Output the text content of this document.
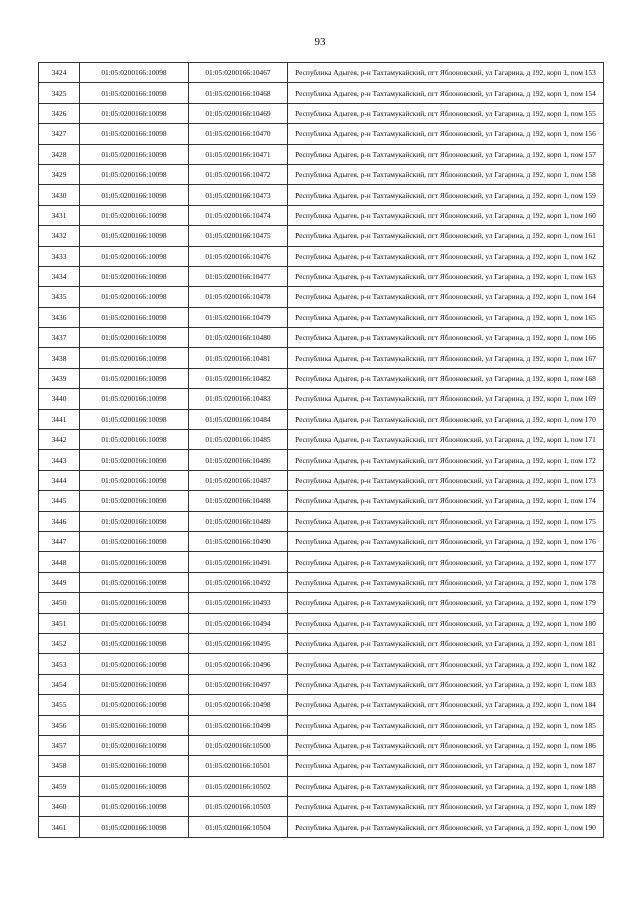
93
3424	01:05:0200166:10098	01:05:0200166:10467	Республика Адыгея, р-н Тахтамукайский, пгт Яблоновский, ул Гагарина, д 192, корп 1, пом 153

3425	01:05:0200166:10098	01:05:0200166:10468	Республика Адыгея, р-н Тахтамукайский, пгт Яблоновский, ул Гагарина, д 192, корп 1, пом 154

3426	01:05:0200166:10098	01:05:0200166:10469	Республика Адыгея, р-н Тахтамукайский, пгт Яблоновский, ул Гагарина, д 192, корп 1, пом 155

3427	01:05:0200166:10098	01:05:0200166:10470	Республика Адыгея, р-н Тахтамукайский, пгт Яблоновский, ул Гагарина, д 192, корп 1, пом 156

3428	01:05:0200166:10098	01:05:0200166:10471	Республика Адыгея, р-н Тахтамукайский, пгт Яблоновский, ул Гагарина, д 192, корп 1, пом 157

3429	01:05:0200166:10098	01:05:0200166:10472	Республика Адыгея, р-н Тахтамукайский, пгт Яблоновский, ул Гагарина, д 192, корп 1, пом 158

3430	01:05:0200166:10098	01:05:0200166:10473	Республика Адыгея, р-н Тахтамукайский, пгт Яблоновский, ул Гагарина, д 192, корп 1, пом 159

3431	01:05:0200166:10098	01:05:0200166:10474	Республика Адыгея, р-н Тахтамукайский, пгт Яблоновский, ул Гагарина, д 192, корп 1, пом 160

3432	01:05:0200166:10098	01:05:0200166:10475	Республика Адыгея, р-н Тахтамукайский, пгт Яблоновский, ул Гагарина, д 192, корп 1, пом 161

3433	01:05:0200166:10098	01:05:0200166:10476	Республика Адыгея, р-н Тахтамукайский, пгт Яблоновский, ул Гагарина, д 192, корп 1, пом 162

3434	01:05:0200166:10098	01:05:0200166:10477	Республика Адыгея, р-н Тахтамукайский, пгт Яблоновский, ул Гагарина, д 192, корп 1, пом 163

3435	01:05:0200166:10098	01:05:0200166:10478	Республика Адыгея, р-н Тахтамукайский, пгт Яблоновский, ул Гагарина, д 192, корп 1, пом 164

3436	01:05:0200166:10098	01:05:0200166:10479	Республика Адыгея, р-н Тахтамукайский, пгт Яблоновский, ул Гагарина, д 192, корп 1, пом 165

3437	01:05:0200166:10098	01:05:0200166:10480	Республика Адыгея, р-н Тахтамукайский, пгт Яблоновский, ул Гагарина, д 192, корп 1, пом 166

3438	01:05:0200166:10098	01:05:0200166:10481	Республика Адыгея, р-н Тахтамукайский, пгт Яблоновский, ул Гагарина, д 192, корп 1, пом 167

3439	01:05:0200166:10098	01:05:0200166:10482	Республика Адыгея, р-н Тахтамукайский, пгт Яблоновский, ул Гагарина, д 192, корп 1, пом 168

3440	01:05:0200166:10098	01:05:0200166:10483	Республика Адыгея, р-н Тахтамукайский, пгт Яблоновский, ул Гагарина, д 192, корп 1, пом 169

3441	01:05:0200166:10098	01:05:0200166:10484	Республика Адыгея, р-н Тахтамукайский, пгт Яблоновский, ул Гагарина, д 192, корп 1, пом 170

3442	01:05:0200166:10098	01:05:0200166:10485	Республика Адыгея, р-н Тахтамукайский, пгт Яблоновский, ул Гагарина, д 192, корп 1, пом 171

3443	01:05:0200166:10098	01:05:0200166:10486	Республика Адыгея, р-н Тахтамукайский, пгт Яблоновский, ул Гагарина, д 192, корп 1, пом 172

3444	01:05:0200166:10098	01:05:0200166:10487	Республика Адыгея, р-н Тахтамукайский, пгт Яблоновский, ул Гагарина, д 192, корп 1, пом 173

3445	01:05:0200166:10098	01:05:0200166:10488	Республика Адыгея, р-н Тахтамукайский, пгт Яблоновский, ул Гагарина, д 192, корп 1, пом 174

3446	01:05:0200166:10098	01:05:0200166:10489	Республика Адыгея, р-н Тахтамукайский, пгт Яблоновский, ул Гагарина, д 192, корп 1, пом 175

3447	01:05:0200166:10098	01:05:0200166:10490	Республика Адыгея, р-н Тахтамукайский, пгт Яблоновский, ул Гагарина, д 192, корп 1, пом 176

3448	01:05:0200166:10098	01:05:0200166:10491	Республика Адыгея, р-н Тахтамукайский, пгт Яблоновский, ул Гагарина, д 192, корп 1, пом 177

3449	01:05:0200166:10098	01:05:0200166:10492	Республика Адыгея, р-н Тахтамукайский, пгт Яблоновский, ул Гагарина, д 192, корп 1, пом 178

3450	01:05:0200166:10098	01:05:0200166:10493	Республика Адыгея, р-н Тахтамукайский, пгт Яблоновский, ул Гагарина, д 192, корп 1, пом 179

3451	01:05:0200166:10098	01:05:0200166:10494	Республика Адыгея, р-н Тахтамукайский, пгт Яблоновский, ул Гагарина, д 192, корп 1, пом 180

3452	01:05:0200166:10098	01:05:0200166:10495	Республика Адыгея, р-н Тахтамукайский, пгт Яблоновский, ул Гагарина, д 192, корп 1, пом 181

3453	01:05:0200166:10098	01:05:0200166:10496	Республика Адыгея, р-н Тахтамукайский, пгт Яблоновский, ул Гагарина, д 192, корп 1, пом 182

3454	01:05:0200166:10098	01:05:0200166:10497	Республика Адыгея, р-н Тахтамукайский, пгт Яблоновский, ул Гагарина, д 192, корп 1, пом 183

3455	01:05:0200166:10098	01:05:0200166:10498	Республика Адыгея, р-н Тахтамукайский, пгт Яблоновский, ул Гагарина, д 192, корп 1, пом 184

3456	01:05:0200166:10098	01:05:0200166:10499	Республика Адыгея, р-н Тахтамукайский, пгт Яблоновский, ул Гагарина, д 192, корп 1, пом 185

3457	01:05:0200166:10098	01:05:0200166:10500	Республика Адыгея, р-н Тахтамукайский, пгт Яблоновский, ул Гагарина, д 192, корп 1, пом 186

3458	01:05:0200166:10098	01:05:0200166:10501	Республика Адыгея, р-н Тахтамукайский, пгт Яблоновский, ул Гагарина, д 192, корп 1, пом 187

3459	01:05:0200166:10098	01:05:0200166:10502	Республика Адыгея, р-н Тахтамукайский, пгт Яблоновский, ул Гагарина, д 192, корп 1, пом 188

3460	01:05:0200166:10098	01:05:0200166:10503	Республика Адыгея, р-н Тахтамукайский, пгт Яблоновский, ул Гагарина, д 192, корп 1, пом 189

3461	01:05:0200166:10098	01:05:0200166:10504	Республика Адыгея, р-н Тахтамукайский, пгт Яблоновский, ул Гагарина, д 192, корп 1, пом 190
